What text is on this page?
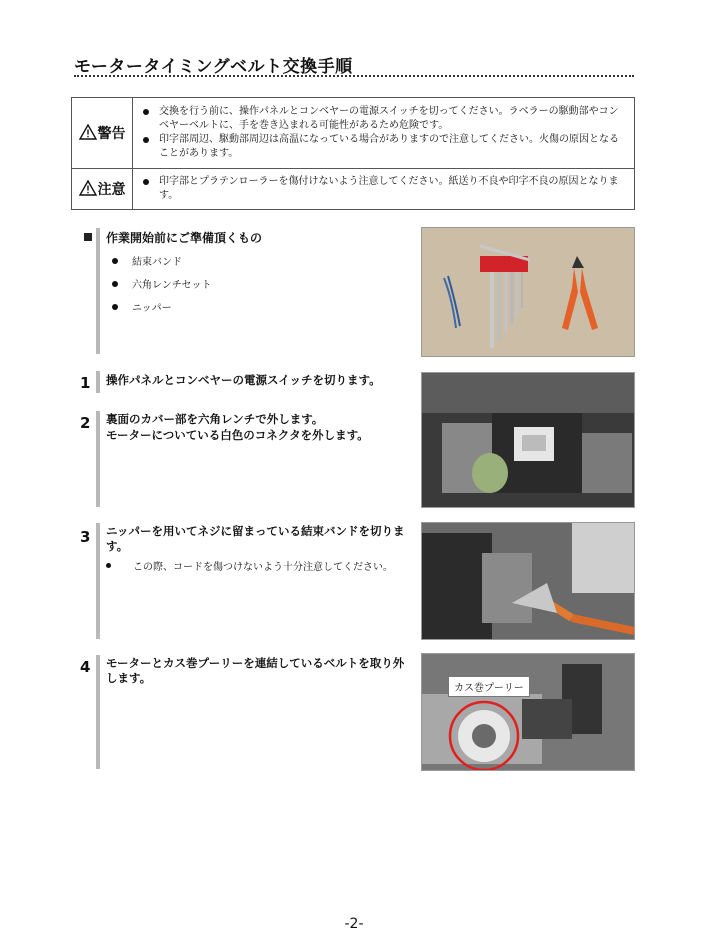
モータータイミングベルト交換手順
警告	交換を行う前に、操作パネルとコンベヤーの電源スイッチを切ってください。ラベラーの駆動部やコンベヤーベルトに、手を巻き込まれる可能性があるため危険です。
印字部周辺、駆動部周辺は高温になっている場合がありますので注意してください。火傷の原因となることがあります。

注意	印字部とプラテンローラーを傷付けないよう注意してください。紙送り不良や印字不良の原因となります。
作業開始前にご準備頂くもの
結束バンド
六角レンチセット
ニッパー
1 操作パネルとコンベヤーの電源スイッチを切ります。
2 裏面のカバー部を六角レンチで外します。
モーターについている白色のコネクタを外します。
3 ニッパーを用いてネジに留まっている結束バンドを切ります。
この際、コードを傷つけないよう十分注意してください。
4 モーターとカス巻プーリーを連結しているベルトを取り外します。
カス巻プーリー
-2-
